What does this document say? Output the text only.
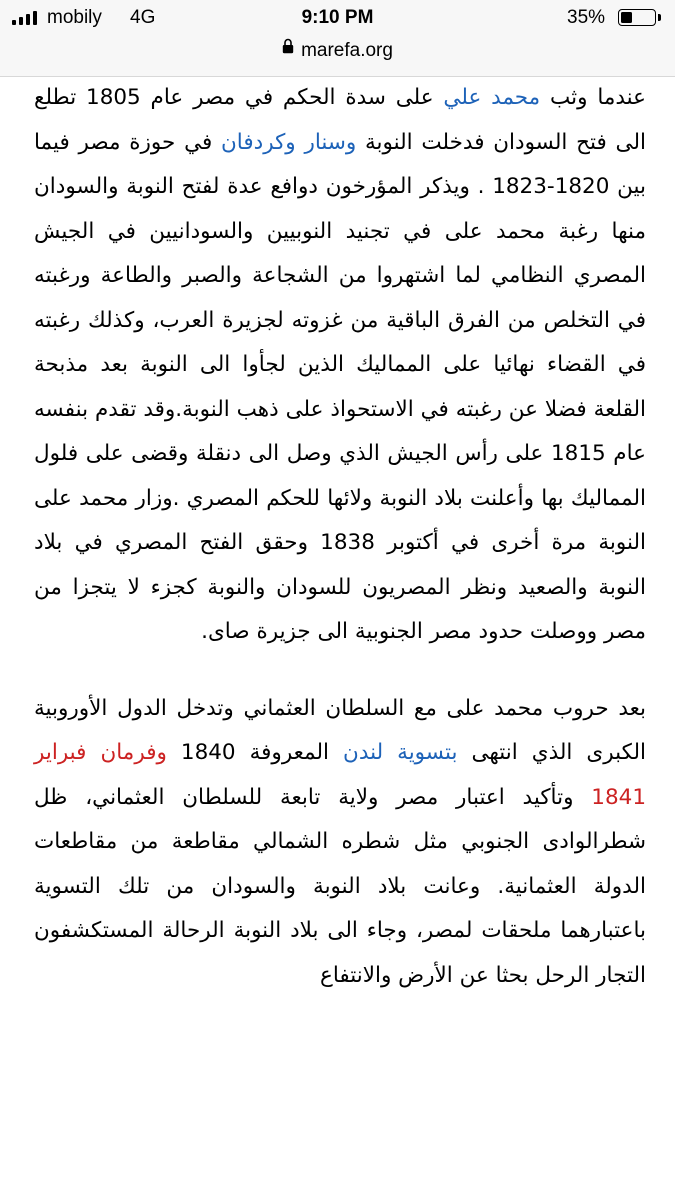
mobily 4G	9:10 PM	35%
marefa.org

عندما وثب محمد علي على سدة الحكم في مصر عام 1805 تطلع الى فتح السودان فدخلت النوبة وسنار وكردفان في حوزة مصر فيما بين 1820-1823 . ويذكر المؤرخون دوافع عدة لفتح النوبة والسودان منها رغبة محمد على في تجنيد النوبيين والسودانيين في الجيش المصري النظامي لما اشتهروا من الشجاعة والصبر والطاعة ورغبته في التخلص من الفرق الباقية من غزوته لجزيرة العرب، وكذلك رغبته في القضاء نهائيا على المماليك الذين لجأوا الى النوبة بعد مذبحة القلعة فضلا عن رغبته في الاستحواذ على ذهب النوبة.وقد تقدم بنفسه عام 1815 على رأس الجيش الذي وصل الى دنقلة وقضى على فلول المماليك بها وأعلنت بلاد النوبة ولائها للحكم المصري .وزار محمد على النوبة مرة أخرى في أكتوبر 1838 وحقق الفتح المصري في بلاد النوبة والصعيد ونظر المصريون للسودان والنوبة كجزء لا يتجزا من مصر ووصلت حدود مصر الجنوبية الى جزيرة صاى.

بعد حروب محمد على مع السلطان العثماني وتدخل الدول الأوروبية الكبرى الذي انتهى بتسوية لندن المعروفة 1840 وفرمان فبراير 1841 وتأكيد اعتبار مصر ولاية تابعة للسلطان العثماني، ظل شطرالوادى الجنوبي مثل شطره الشمالي مقاطعة من مقاطعات الدولة العثمانية. وعانت بلاد النوبة والسودان من تلك التسوية باعتبارهما ملحقات لمصر، وجاء الى بلاد النوبة الرحالة المستكشفون التجار الرحل بحثا عن الأرض والانتفاع
